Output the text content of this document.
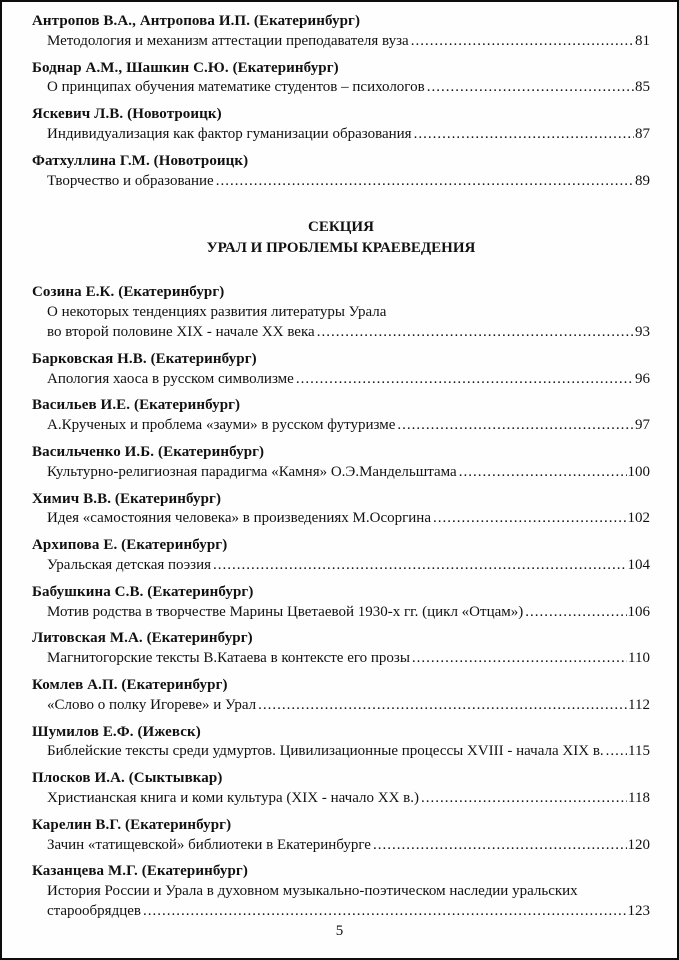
Антропов В.А., Антропова И.П. (Екатеринбург)
Методология и механизм аттестации преподавателя вуза .....	81
Боднар А.М., Шашкин С.Ю. (Екатеринбург)
О принципах обучения математике студентов – психологов .....	85
Яскевич Л.В. (Новотроицк)
Индивидуализация как фактор гуманизации образования .....	87
Фатхуллина Г.М. (Новотроицк)
Творчество и образование .....	89
СЕКЦИЯ
УРАЛ И ПРОБЛЕМЫ КРАЕВЕДЕНИЯ
Созина Е.К. (Екатеринбург)
О некоторых тенденциях развития литературы Урала
во второй половине XIX - начале XX века .....	93
Барковская Н.В. (Екатеринбург)
Апология хаоса в русском символизме .....	96
Васильев И.Е. (Екатеринбург)
А.Крученых и проблема «зауми» в русском футуризме .....	97
Васильченко И.Б. (Екатеринбург)
Культурно-религиозная парадигма «Камня» О.Э.Мандельштама .....	100
Химич В.В. (Екатеринбург)
Идея «самостояния человека» в произведениях М.Осоргина .....	102
Архипова Е. (Екатеринбург)
Уральская детская поэзия .....	104
Бабушкина С.В. (Екатеринбург)
Мотив родства в творчестве Марины Цветаевой 1930-х гг. (цикл «Отцам») .....	106
Литовская М.А. (Екатеринбург)
Магнитогорские тексты В.Катаева в контексте его прозы .....	110
Комлев А.П. (Екатеринбург)
«Слово о полку Игореве» и Урал .....	112
Шумилов Е.Ф. (Ижевск)
Библейские тексты среди удмуртов. Цивилизационные процессы XVIII - начала XIX в. ..... 115
Плосков И.А. (Сыктывкар)
Христианская книга и коми культура (XIX - начало XX в.) .....	118
Карелин В.Г. (Екатеринбург)
Зачин «татищевской» библиотеки в Екатеринбурге .....	120
Казанцева М.Г. (Екатеринбург)
История России и Урала в духовном музыкально-поэтическом наследии уральских
старообрядцев .....	123
5
